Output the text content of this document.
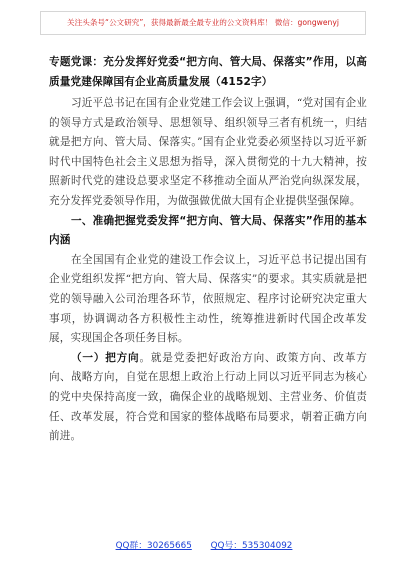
关注头条号“公文研究”，获得最新最全最专业的公文资料库！ 微信：gongwenyj

专题党课：充分发挥好党委“把方向、管大局、保落实”作用，以高质量党建保障国有企业高质量发展（4152字）

习近平总书记在国有企业党建工作会议上强调，“党对国有企业的领导方式是政治领导、思想领导、组织领导三者有机统一，归结就是把方向、管大局、保落实。”国有企业党委必须坚持以习近平新时代中国特色社会主义思想为指导，深入贯彻党的十九大精神，按照新时代党的建设总要求坚定不移推动全面从严治党向纵深发展，充分发挥党委领导作用，为做强做优做大国有企业提供坚强保障。

一、准确把握党委发挥“把方向、管大局、保落实”作用的基本内涵

在全国国有企业党的建设工作会议上，习近平总书记提出国有企业党组织发挥“把方向、管大局、保落实”的要求。其实质就是把党的领导融入公司治理各环节，依照规定、程序讨论研究决定重大事项，协调调动各方积极性主动性，统筹推进新时代国企改革发展，实现国企各项任务目标。

（一）把方向。就是党委把好政治方向、政策方向、改革方向、战略方向，自觉在思想上政治上行动上同以习近平同志为核心的党中央保持高度一致，确保企业的战略规划、主营业务、价值责任、改革发展，符合党和国家的整体战略布局要求，朝着正确方向前进。

QQ群：30265665 QQ号：535304092
